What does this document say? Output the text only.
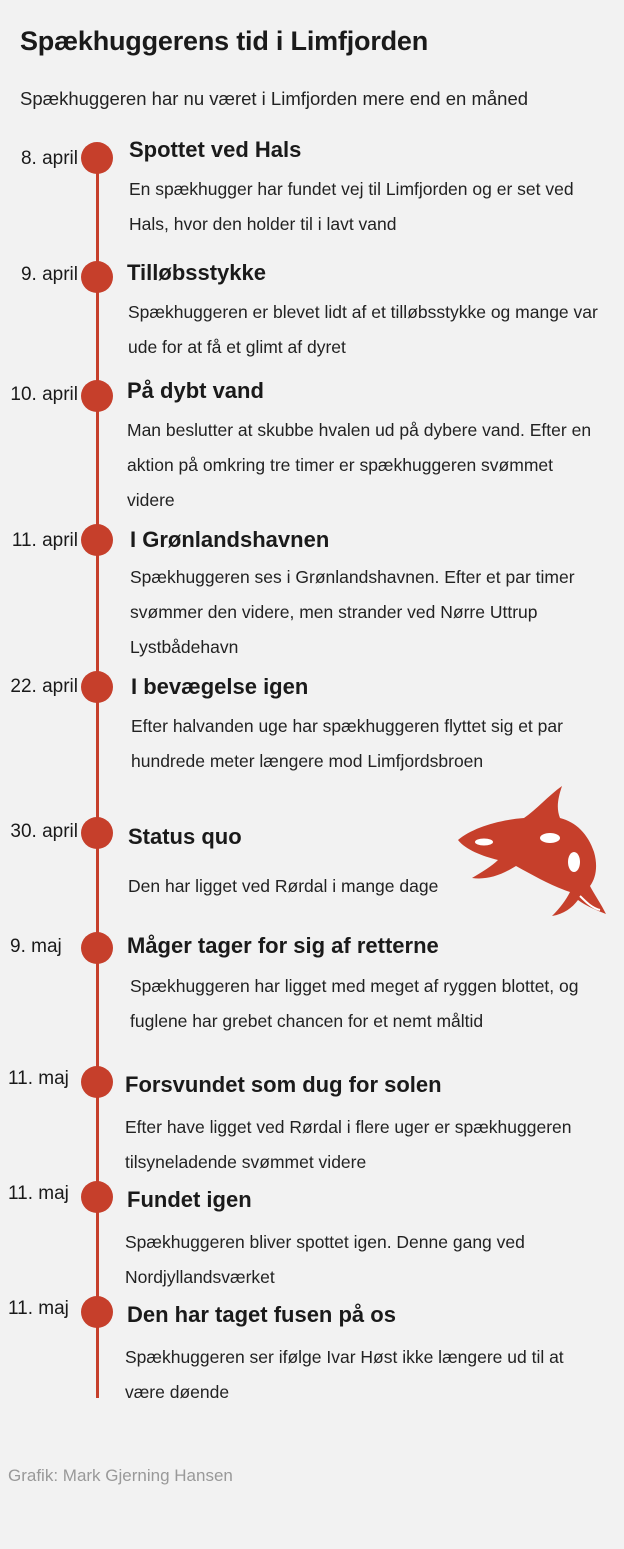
Spækhuggerens tid i Limfjorden
Spækhuggeren har nu været i Limfjorden mere end en måned
8. april Spottet ved Hals
En spækhugger har fundet vej til Limfjorden og er set ved Hals, hvor den holder til i lavt vand
9. april Tilløbsstykke
Spækhuggeren er blevet lidt af et tilløbsstykke og mange var ude for at få et glimt af dyret
10. april På dybt vand
Man beslutter at skubbe hvalen ud på dybere vand. Efter en aktion på omkring tre timer er spækhuggeren svømmet videre
11. april I Grønlandshavnen
Spækhuggeren ses i Grønlandshavnen. Efter et par timer svømmer den videre, men strander ved Nørre Uttrup Lystbådehavn
22. april I bevægelse igen
Efter halvanden uge har spækhuggeren flyttet sig et par hundrede meter længere mod Limfjordsbroen
30. april Status quo
Den har ligget ved Rørdal i mange dage
9. maj	Måger tager for sig af retterne
Spækhuggeren har ligget med meget af ryggen blottet, og fuglene har grebet chancen for et nemt måltid
11. maj	Forsvundet som dug for solen
Efter have ligget ved Rørdal i flere uger er spækhuggeren tilsyneladende svømmet videre
11. maj	Fundet igen
Spækhuggeren bliver spottet igen. Denne gang ved Nordjyllandsværket
11. maj	Den har taget fusen på os
Spækhuggeren ser ifølge Ivar Høst ikke længere ud til at være døende
Grafik: Mark Gjerning Hansen
